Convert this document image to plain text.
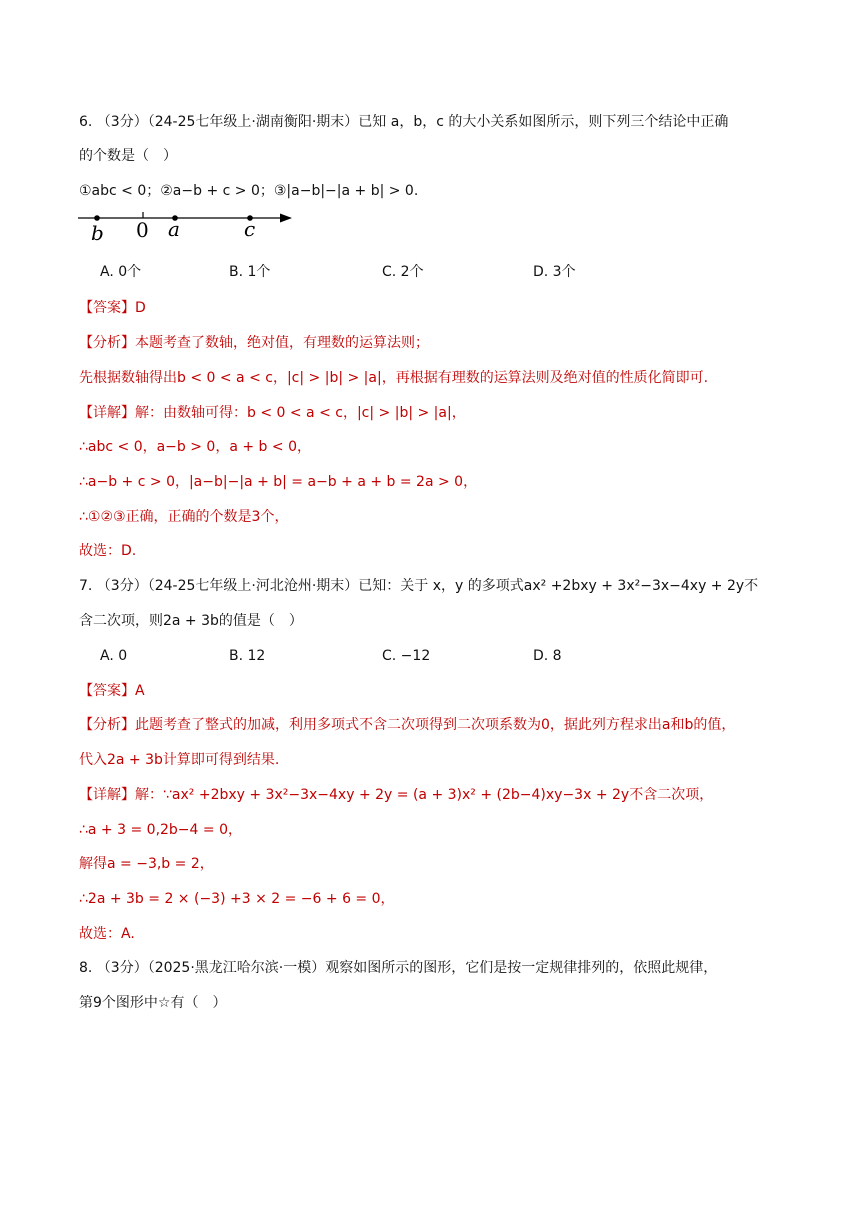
6. （3分）（24-25七年级上·湖南衡阳·期末）已知 a，b，c 的大小关系如图所示，则下列三个结论中正确
的个数是（　）
①abc < 0；②a−b + c > 0；③|a−b|−|a + b| > 0.
b 0 a	c
A. 0个	B. 1个	C. 2个	D. 3个
【答案】D
【分析】本题考查了数轴，绝对值，有理数的运算法则；
先根据数轴得出b < 0 < a < c，|c| > |b| > |a|，再根据有理数的运算法则及绝对值的性质化简即可.
【详解】解：由数轴可得：b < 0 < a < c，|c| > |b| > |a|，
∴abc < 0，a−b > 0，a + b < 0，
∴a−b + c > 0，|a−b|−|a + b| = a−b + a + b = 2a > 0，
∴①②③正确，正确的个数是3个，
故选：D.
7. （3分）（24-25七年级上·河北沧州·期末）已知：关于 x，y 的多项式ax² +2bxy + 3x²−3x−4xy + 2y不
含二次项，则2a + 3b的值是（　）
A. 0	B. 12	C. −12	D. 8
【答案】A
【分析】此题考查了整式的加减，利用多项式不含二次项得到二次项系数为0，据此列方程求出a和b的值，
代入2a + 3b计算即可得到结果.
【详解】解：∵ax² +2bxy + 3x²−3x−4xy + 2y = (a + 3)x² + (2b−4)xy−3x + 2y不含二次项，
∴a + 3 = 0,2b−4 = 0，
解得a = −3,b = 2，
∴2a + 3b = 2 × (−3) +3 × 2 = −6 + 6 = 0，
故选：A.
8. （3分）（2025·黑龙江哈尔滨·一模）观察如图所示的图形，它们是按一定规律排列的，依照此规律，
第9个图形中☆有（　）
